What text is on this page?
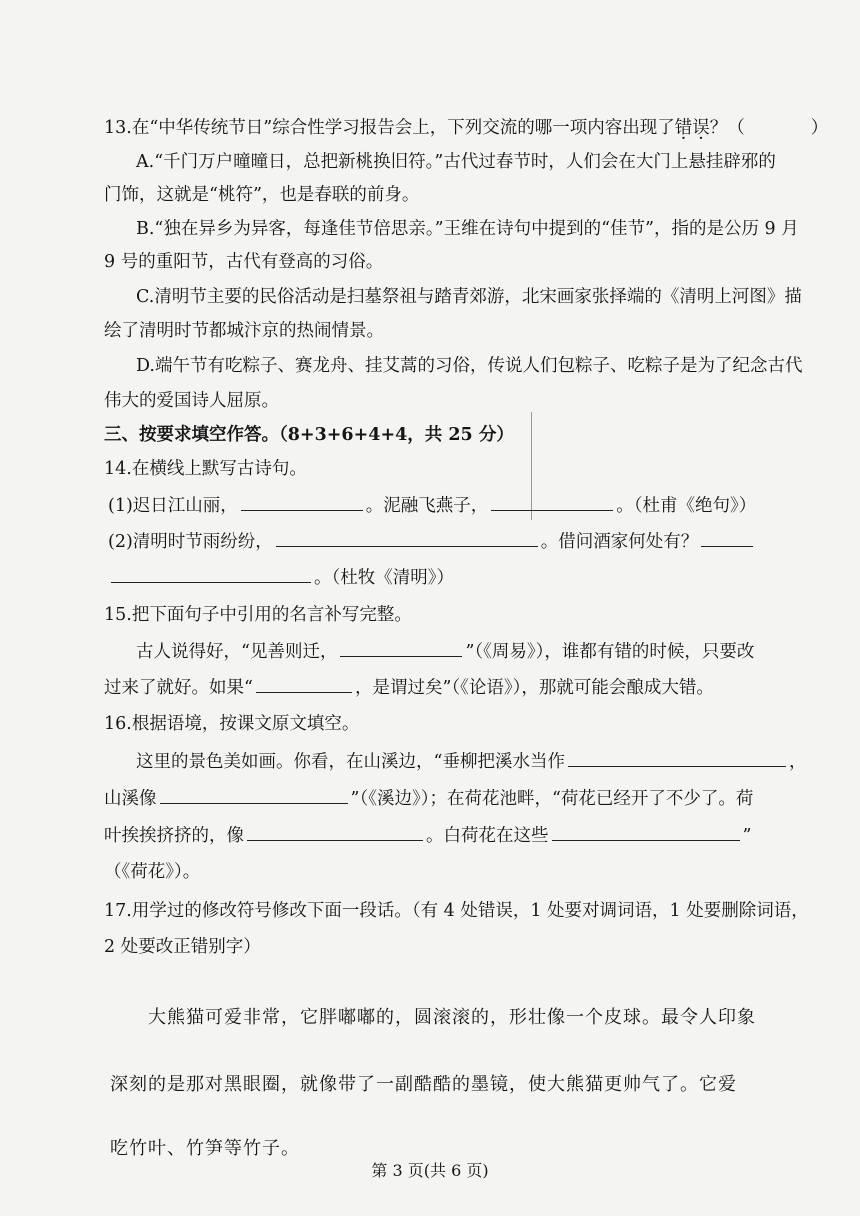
13.在“中华传统节日”综合性学习报告会上，下列交流的哪一项内容出现了错误？（	）
A.“千门万户曈曈日，总把新桃换旧符。”古代过春节时，人们会在大门上悬挂辟邪的
门饰，这就是“桃符”，也是春联的前身。
B.“独在异乡为异客，每逢佳节倍思亲。”王维在诗句中提到的“佳节”，指的是公历 9 月
9 号的重阳节，古代有登高的习俗。
C.清明节主要的民俗活动是扫墓祭祖与踏青郊游，北宋画家张择端的《清明上河图》描
绘了清明时节都城汴京的热闹情景。
D.端午节有吃粽子、赛龙舟、挂艾蒿的习俗，传说人们包粽子、吃粽子是为了纪念古代
伟大的爱国诗人屈原。
三、按要求填空作答。（8+3+6+4+4，共 25 分）
14.在横线上默写古诗句。
(1)迟日江山丽，	。泥融飞燕子，	。（杜甫《绝句》）
(2)清明时节雨纷纷，	。借问酒家何处有？
。（杜牧《清明》）
15.把下面句子中引用的名言补写完整。
古人说得好，“见善则迁，	”（《周易》），谁都有错的时候，只要改
过来了就好。如果“	，是谓过矣”（《论语》），那就可能会酿成大错。
16.根据语境，按课文原文填空。
这里的景色美如画。你看，在山溪边，“垂柳把溪水当作	，
山溪像	”（《溪边》）；在荷花池畔，“荷花已经开了不少了。荷
叶挨挨挤挤的，像	。白荷花在这些	”
（《荷花》）。
17.用学过的修改符号修改下面一段话。（有 4 处错误，1 处要对调词语，1 处要删除词语，
2 处要改正错别字）
大熊猫可爱非常，它胖嘟嘟的，圆滚滚的，形壮像一个皮球。最令人印象
深刻的是那对黑眼圈，就像带了一副酷酷的墨镜，使大熊猫更帅气了。它爱
吃竹叶、竹笋等竹子。
第 3 页(共 6 页)
